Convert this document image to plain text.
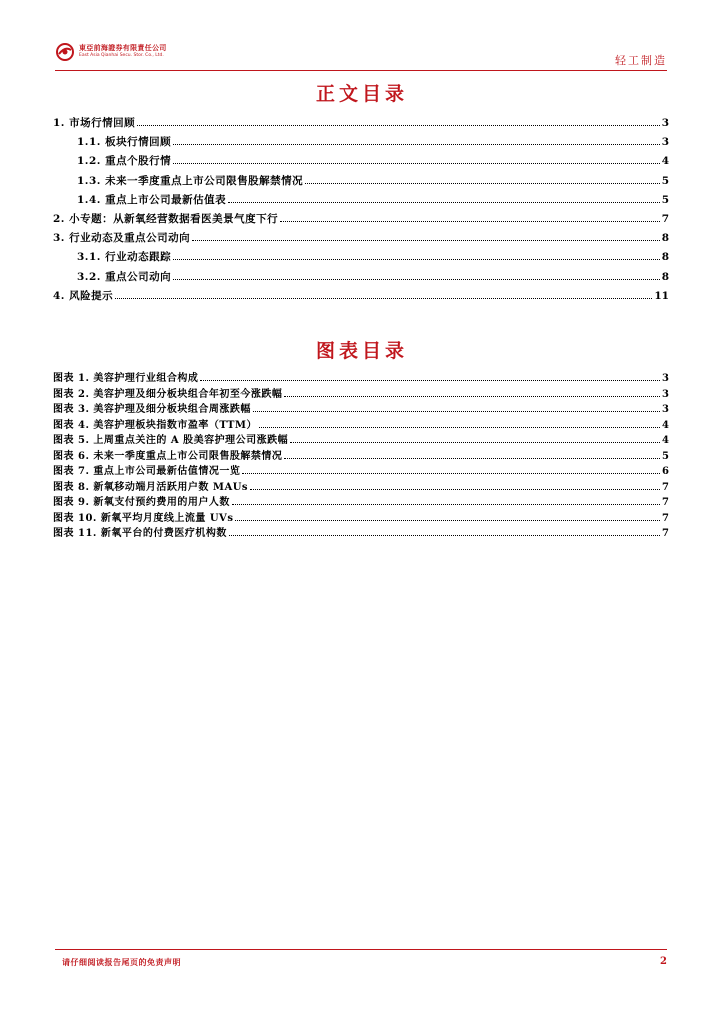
東亞前海證券有限責任公司
East Asia Qianhai Secu. Stor. Co., Ltd.	轻工制造
正文目录
1. 市场行情回顾	3
1.1. 板块行情回顾	3
1.2. 重点个股行情	4
1.3. 未来一季度重点上市公司限售股解禁情况	5
1.4. 重点上市公司最新估值表	5
2. 小专题：从新氧经营数据看医美景气度下行	7
3. 行业动态及重点公司动向	8
3.1. 行业动态跟踪	8
3.2. 重点公司动向	8
4. 风险提示	11
图表目录
图表 1. 美容护理行业组合构成	3
图表 2. 美容护理及细分板块组合年初至今涨跌幅	3
图表 3. 美容护理及细分板块组合周涨跌幅	3
图表 4. 美容护理板块指数市盈率（TTM）	4
图表 5. 上周重点关注的 A 股美容护理公司涨跌幅	4
图表 6. 未来一季度重点上市公司限售股解禁情况	5
图表 7. 重点上市公司最新估值情况一览	6
图表 8. 新氧移动端月活跃用户数 MAUs	7
图表 9. 新氧支付预约费用的用户人数	7
图表 10. 新氧平均月度线上流量 UVs	7
图表 11. 新氧平台的付费医疗机构数	7
请仔细阅读报告尾页的免责声明	2
